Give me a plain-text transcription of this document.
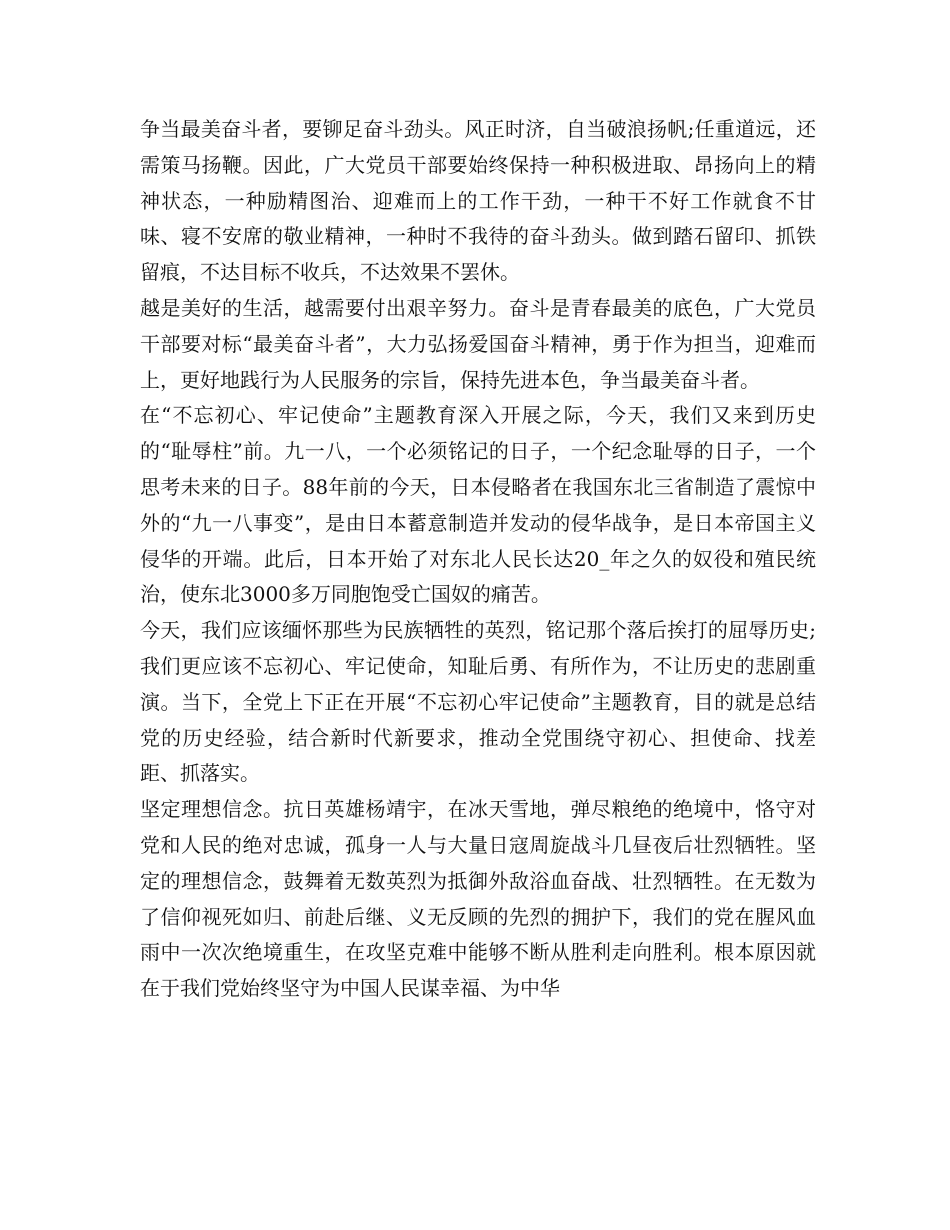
争当最美奋斗者，要铆足奋斗劲头。风正时济，自当破浪扬帆;任重道远，还需策马扬鞭。因此，广大党员干部要始终保持一种积极进取、昂扬向上的精神状态，一种励精图治、迎难而上的工作干劲，一种干不好工作就食不甘味、寝不安席的敬业精神，一种时不我待的奋斗劲头。做到踏石留印、抓铁留痕，不达目标不收兵，不达效果不罢休。

越是美好的生活，越需要付出艰辛努力。奋斗是青春最美的底色，广大党员干部要对标“最美奋斗者”，大力弘扬爱国奋斗精神，勇于作为担当，迎难而上，更好地践行为人民服务的宗旨，保持先进本色，争当最美奋斗者。

在“不忘初心、牢记使命”主题教育深入开展之际，今天，我们又来到历史的“耻辱柱”前。九一八，一个必须铭记的日子，一个纪念耻辱的日子，一个思考未来的日子。88年前的今天，日本侵略者在我国东北三省制造了震惊中外的“九一八事变”，是由日本蓄意制造并发动的侵华战争，是日本帝国主义侵华的开端。此后，日本开始了对东北人民长达20_年之久的奴役和殖民统治，使东北3000多万同胞饱受亡国奴的痛苦。

今天，我们应该缅怀那些为民族牺牲的英烈，铭记那个落后挨打的屈辱历史;我们更应该不忘初心、牢记使命，知耻后勇、有所作为，不让历史的悲剧重演。当下，全党上下正在开展“不忘初心牢记使命”主题教育，目的就是总结党的历史经验，结合新时代新要求，推动全党围绕守初心、担使命、找差距、抓落实。

坚定理想信念。抗日英雄杨靖宇，在冰天雪地，弹尽粮绝的绝境中，恪守对党和人民的绝对忠诚，孤身一人与大量日寇周旋战斗几昼夜后壮烈牺牲。坚定的理想信念，鼓舞着无数英烈为抵御外敌浴血奋战、壮烈牺牲。在无数为了信仰视死如归、前赴后继、义无反顾的先烈的拥护下，我们的党在腥风血雨中一次次绝境重生，在攻坚克难中能够不断从胜利走向胜利。根本原因就在于我们党始终坚守为中国人民谋幸福、为中华
